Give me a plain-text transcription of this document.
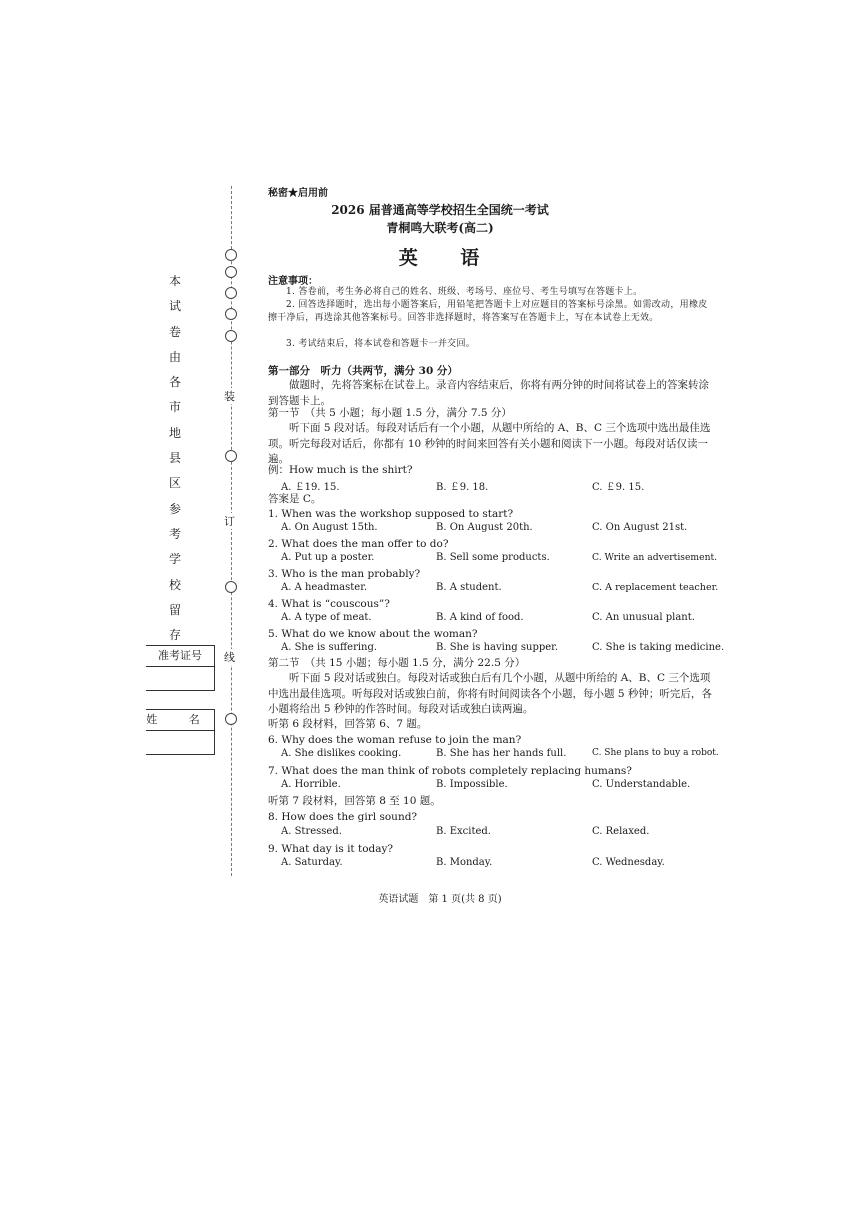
秘密★启用前
2026 届普通高等学校招生全国统一考试
青桐鸣大联考(高二)
英 语
装
订
线
本
试
卷
由
各
市
地
县
区
参
考
学
校
留
存
准考证号
姓 名
注意事项：
1. 答卷前，考生务必将自己的姓名、班级、考场号、座位号、考生号填写在答题卡上。
2. 回答选择题时，选出每小题答案后，用铅笔把答题卡上对应题目的答案标号涂黑。如需改动，用橡皮擦干净后，再选涂其他答案标号。回答非选择题时，将答案写在答题卡上，写在本试卷上无效。
3. 考试结束后，将本试卷和答题卡一并交回。
第一部分　听力（共两节，满分 30 分）
做题时，先将答案标在试卷上。录音内容结束后，你将有两分钟的时间将试卷上的答案转涂到答题卡上。
第一节　（共 5 小题；每小题 1.5 分，满分 7.5 分）
听下面 5 段对话。每段对话后有一个小题，从题中所给的 A、B、C 三个选项中选出最佳选项。听完每段对话后，你都有 10 秒钟的时间来回答有关小题和阅读下一小题。每段对话仅读一遍。
例：How much is the shirt?
A. ￡19. 15.	B. ￡9. 18.	C. ￡9. 15.
答案是 C。
1. When was the workshop supposed to start?
A. On August 15th.	B. On August 20th.	C. On August 21st.
2. What does the man offer to do?
A. Put up a poster.	B. Sell some products.	C. Write an advertisement.
3. Who is the man probably?
A. A headmaster.	B. A student.	C. A replacement teacher.
4. What is “couscous”?
A. A type of meat.	B. A kind of food.	C. An unusual plant.
5. What do we know about the woman?
A. She is suffering.	B. She is having supper.	C. She is taking medicine.
第二节　（共 15 小题；每小题 1.5 分，满分 22.5 分）
听下面 5 段对话或独白。每段对话或独白后有几个小题，从题中所给的 A、B、C 三个选项中选出最佳选项。听每段对话或独白前，你将有时间阅读各个小题，每小题 5 秒钟；听完后，各小题将给出 5 秒钟的作答时间。每段对话或独白读两遍。
听第 6 段材料，回答第 6、7 题。
6. Why does the woman refuse to join the man?
A. She dislikes cooking.	B. She has her hands full.	C. She plans to buy a robot.
7. What does the man think of robots completely replacing humans?
A. Horrible.	B. Impossible.	C. Understandable.
听第 7 段材料，回答第 8 至 10 题。
8. How does the girl sound?
A. Stressed.	B. Excited.	C. Relaxed.
9. What day is it today?
A. Saturday.	B. Monday.	C. Wednesday.
英语试题　第 1 页(共 8 页)
